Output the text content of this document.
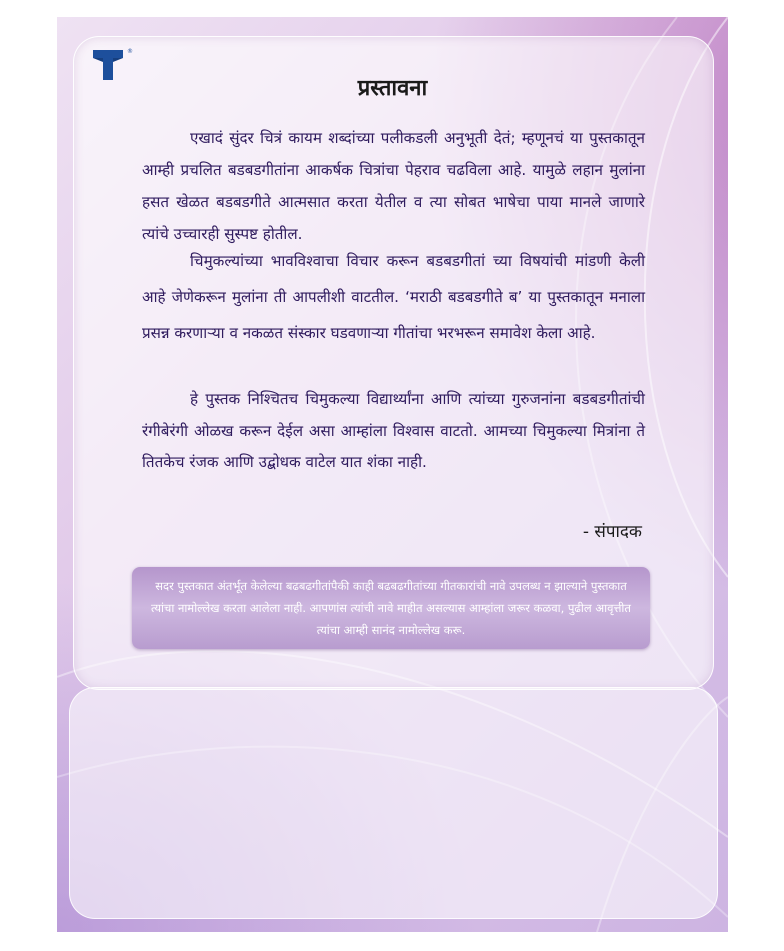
®
प्रस्तावना

एखादं सुंदर चित्रं कायम शब्दांच्या पलीकडली अनुभूती देतं; म्हणूनचं या पुस्तकातून आम्ही प्रचलित बडबडगीतांना आकर्षक चित्रांचा पेहराव चढविला आहे. यामुळे लहान मुलांना हसत खेळत बडबडगीते आत्मसात करता येतील व त्या सोबत भाषेचा पाया मानले जाणारे त्यांचे उच्चारही सुस्पष्ट होतील.

चिमुकल्यांच्या भावविश्वाचा विचार करून बडबडगीतां च्या विषयांची मांडणी केली आहे जेणेकरून मुलांना ती आपलीशी वाटतील. ‘मराठी बडबडगीते ब’ या पुस्तकातून मनाला प्रसन्न करणाऱ्या व नकळत संस्कार घडवणाऱ्या गीतांचा भरभरून समावेश केला आहे.

हे पुस्तक निश्चितच चिमुकल्या विद्यार्थ्यांना आणि त्यांच्या गुरुजनांना बडबडगीतांची रंगीबेरंगी ओळख करून देईल असा आम्हांला विश्वास वाटतो. आमच्या चिमुकल्या मित्रांना ते तितकेच रंजक आणि उद्बोधक वाटेल यात शंका नाही.

- संपादक

सदर पुस्तकात अंतर्भूत केलेल्या बढबढगीतांपैकी काही बढबढगीतांच्या गीतकारांची नावे उपलब्ध न झाल्याने पुस्तकात त्यांचा नामोल्लेख करता आलेला नाही. आपणांस त्यांची नावे माहीत असल्यास आम्हांला जरूर कळवा, पुढील आवृत्तीत त्यांचा आम्ही सानंद नामोल्लेख करू.
